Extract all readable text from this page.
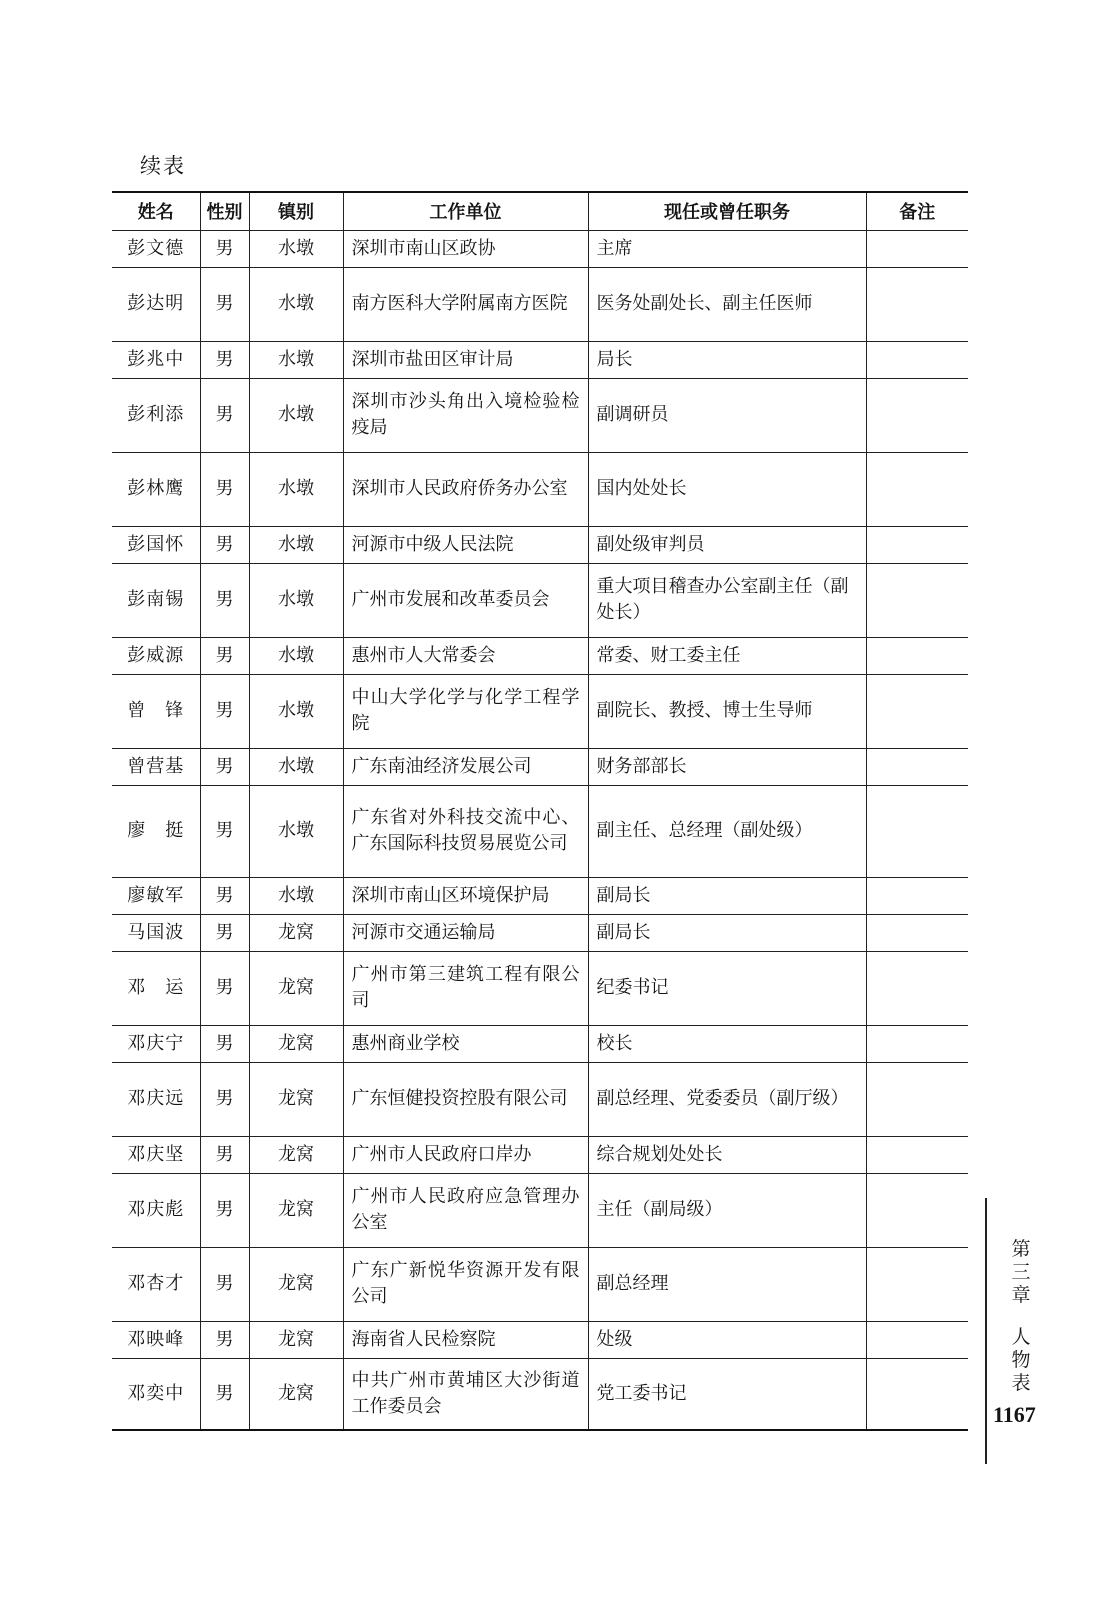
续表
姓名	性别	镇别	工作单位	现任或曾任职务	备注
彭文德	男	水墩	深圳市南山区政协	主席	
彭达明	男	水墩	南方医科大学附属南方医院	医务处副处长、副主任医师	
彭兆中	男	水墩	深圳市盐田区审计局	局长	
彭利添	男	水墩	深圳市沙头角出入境检验检疫局	副调研员	
彭林鹰	男	水墩	深圳市人民政府侨务办公室	国内处处长	
彭国怀	男	水墩	河源市中级人民法院	副处级审判员	
彭南锡	男	水墩	广州市发展和改革委员会	重大项目稽查办公室副主任（副处长）	
彭威源	男	水墩	惠州市人大常委会	常委、财工委主任	
曾　锋	男	水墩	中山大学化学与化学工程学院	副院长、教授、博士生导师	
曾营基	男	水墩	广东南油经济发展公司	财务部部长	
廖　挺	男	水墩	广东省对外科技交流中心、广东国际科技贸易展览公司	副主任、总经理（副处级）	
廖敏军	男	水墩	深圳市南山区环境保护局	副局长	
马国波	男	龙窝	河源市交通运输局	副局长	
邓　运	男	龙窝	广州市第三建筑工程有限公司	纪委书记	
邓庆宁	男	龙窝	惠州商业学校	校长	
邓庆远	男	龙窝	广东恒健投资控股有限公司	副总经理、党委委员（副厅级）	
邓庆坚	男	龙窝	广州市人民政府口岸办	综合规划处处长	
邓庆彪	男	龙窝	广州市人民政府应急管理办公室	主任（副局级）	
邓杏才	男	龙窝	广东广新悦华资源开发有限公司	副总经理	
邓映峰	男	龙窝	海南省人民检察院	处级	
邓奕中	男	龙窝	中共广州市黄埔区大沙街道工作委员会	党工委书记	
第三章
人物表
1167
